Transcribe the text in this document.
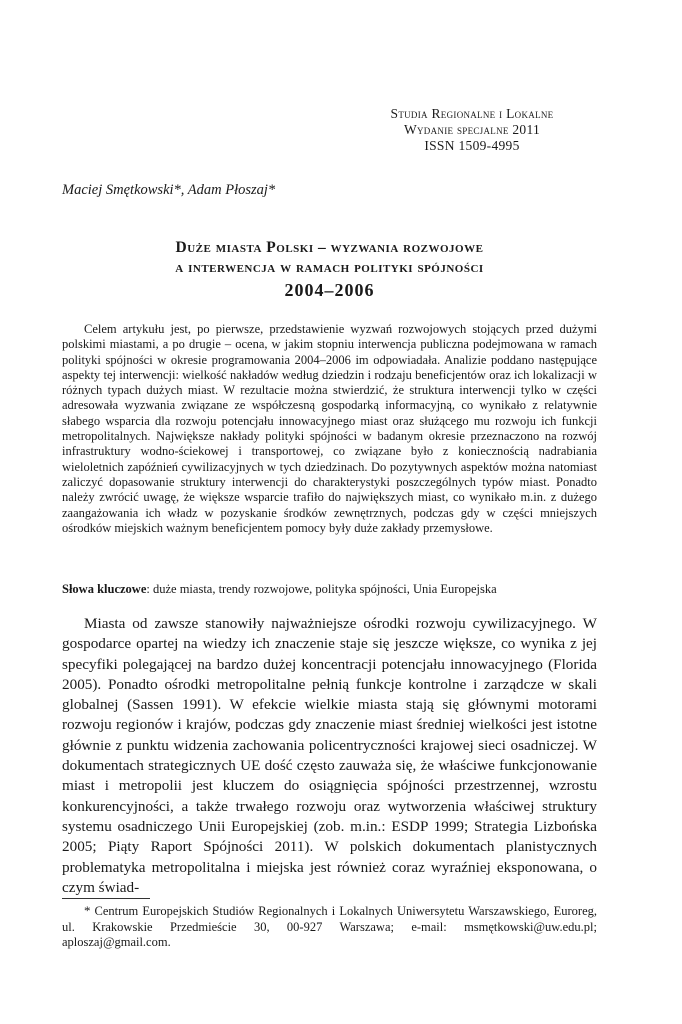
Studia Regionalne i Lokalne
Wydanie specjalne 2011
ISSN 1509-4995
Maciej Smętkowski*, Adam Płoszaj*
Duże miasta Polski – wyzwania rozwojowe
a interwencja w ramach polityki spójności
2004–2006

Celem artykułu jest, po pierwsze, przedstawienie wyzwań rozwojowych stojących przed dużymi polskimi miastami, a po drugie – ocena, w jakim stopniu interwencja publiczna podejmowana w ramach polityki spójności w okresie programowania 2004–2006 im odpowiadała. Analizie poddano następujące aspekty tej interwencji: wielkość nakładów według dziedzin i rodzaju beneficjentów oraz ich lokalizacji w różnych typach dużych miast. W rezultacie można stwierdzić, że struktura interwencji tylko w części adresowała wyzwania związane ze współczesną gospodarką informacyjną, co wynikało z relatywnie słabego wsparcia dla rozwoju potencjału innowacyjnego miast oraz służącego mu rozwoju ich funkcji metropolitalnych. Największe nakłady polityki spójności w badanym okresie przeznaczono na rozwój infrastruktury wodno-ściekowej i transportowej, co związane było z koniecznością nadrabiania wieloletnich zapóźnień cywilizacyjnych w tych dziedzinach. Do pozytywnych aspektów można natomiast zaliczyć dopasowanie struktury interwencji do charakterystyki poszczególnych typów miast. Ponadto należy zwrócić uwagę, że większe wsparcie trafiło do największych miast, co wynikało m.in. z dużego zaangażowania ich władz w pozyskanie środków zewnętrznych, podczas gdy w części mniejszych ośrodków miejskich ważnym beneficjentem pomocy były duże zakłady przemysłowe.

Słowa kluczowe: duże miasta, trendy rozwojowe, polityka spójności, Unia Europejska

Miasta od zawsze stanowiły najważniejsze ośrodki rozwoju cywilizacyjnego. W gospodarce opartej na wiedzy ich znaczenie staje się jeszcze większe, co wynika z jej specyfiki polegającej na bardzo dużej koncentracji potencjału innowacyjnego (Florida 2005). Ponadto ośrodki metropolitalne pełnią funkcje kontrolne i zarządcze w skali globalnej (Sassen 1991). W efekcie wielkie miasta stają się głównymi motorami rozwoju regionów i krajów, podczas gdy znaczenie miast średniej wielkości jest istotne głównie z punktu widzenia zachowania policentryczności krajowej sieci osadniczej. W dokumentach strategicznych UE dość często zauważa się, że właściwe funkcjonowanie miast i metropolii jest kluczem do osiągnięcia spójności przestrzennej, wzrostu konkurencyjności, a także trwałego rozwoju oraz wytworzenia właściwej struktury systemu osadniczego Unii Europejskiej (zob. m.in.: ESDP 1999; Strategia Lizbońska 2005; Piąty Raport Spójności 2011). W polskich dokumentach planistycznych problematyka metropolitalna i miejska jest również coraz wyraźniej eksponowana, o czym świad-

* Centrum Europejskich Studiów Regionalnych i Lokalnych Uniwersytetu Warszawskiego, Euroreg, ul. Krakowskie Przedmieście 30, 00-927 Warszawa; e-mail: msmętkowski@uw.edu.pl; aploszaj@gmail.com.
